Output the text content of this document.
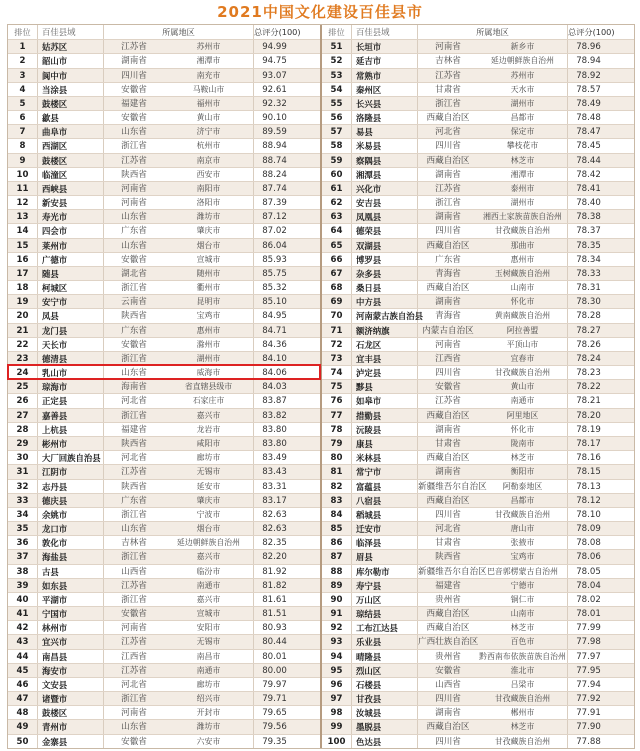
2021中国文化建设百佳县市
排位	百佳县域	所属地区	总评分(100)
1	姑苏区	江苏省	苏州市	94.99
2	韶山市	湖南省	湘潭市	94.75
3	阆中市	四川省	南充市	93.07
4	当涂县	安徽省	马鞍山市	92.61
5	鼓楼区	福建省	福州市	92.32
6	歙县	安徽省	黄山市	90.10
7	曲阜市	山东省	济宁市	89.59
8	西湖区	浙江省	杭州市	88.94
9	鼓楼区	江苏省	南京市	88.74
10	临潼区	陕西省	西安市	88.24
11	西峡县	河南省	南阳市	87.74
12	新安县	河南省	洛阳市	87.39
13	寿光市	山东省	潍坊市	87.12
14	四会市	广东省	肇庆市	87.02
15	莱州市	山东省	烟台市	86.04
16	广德市	安徽省	宣城市	85.93
17	随县	湖北省	随州市	85.75
18	柯城区	浙江省	衢州市	85.32
19	安宁市	云南省	昆明市	85.10
20	凤县	陕西省	宝鸡市	84.95
21	龙门县	广东省	惠州市	84.71
22	天长市	安徽省	滁州市	84.36
23	德清县	浙江省	湖州市	84.10
24	乳山市	山东省	威海市	84.06
25	琼海市	海南省	省直辖县级市	84.03
26	正定县	河北省	石家庄市	83.87
27	嘉善县	浙江省	嘉兴市	83.82
28	上杭县	福建省	龙岩市	83.80
29	彬州市	陕西省	咸阳市	83.80
30	大厂回族自治县	河北省	廊坊市	83.49
31	江阴市	江苏省	无锡市	83.43
32	志丹县	陕西省	延安市	83.31
33	德庆县	广东省	肇庆市	83.17
34	余姚市	浙江省	宁波市	82.63
35	龙口市	山东省	烟台市	82.63
36	敦化市	吉林省	延边朝鲜族自治州	82.35
37	海盐县	浙江省	嘉兴市	82.20
38	古县	山西省	临汾市	81.92
39	如东县	江苏省	南通市	81.82
40	平湖市	浙江省	嘉兴市	81.61
41	宁国市	安徽省	宣城市	81.51
42	林州市	河南省	安阳市	80.93
43	宜兴市	江苏省	无锡市	80.44
44	南昌县	江西省	南昌市	80.01
45	海安市	江苏省	南通市	80.00
46	文安县	河北省	廊坊市	79.97
47	诸暨市	浙江省	绍兴市	79.71
48	鼓楼区	河南省	开封市	79.65
49	青州市	山东省	潍坊市	79.56
50	金寨县	安徽省	六安市	79.35
排位	百佳县域	所属地区	总评分(100)
51	长垣市	河南省	新乡市	78.96
52	延吉市	吉林省	延边朝鲜族自治州	78.94
53	常熟市	江苏省	苏州市	78.92
54	秦州区	甘肃省	天水市	78.57
55	长兴县	浙江省	湖州市	78.49
56	洛隆县	西藏自治区	昌都市	78.48
57	易县	河北省	保定市	78.47
58	米易县	四川省	攀枝花市	78.45
59	察隅县	西藏自治区	林芝市	78.44
60	湘潭县	湖南省	湘潭市	78.42
61	兴化市	江苏省	泰州市	78.41
62	安吉县	浙江省	湖州市	78.40
63	凤凰县	湖南省	湘西土家族苗族自治州	78.38
64	德荣县	四川省	甘孜藏族自治州	78.37
65	双湖县	西藏自治区	那曲市	78.35
66	博罗县	广东省	惠州市	78.34
67	杂多县	青海省	玉树藏族自治州	78.33
68	桑日县	西藏自治区	山南市	78.31
69	中方县	湖南省	怀化市	78.30
70	河南蒙古族自治县	青海省	黄南藏族自治州	78.28
71	额济纳旗	内蒙古自治区	阿拉善盟	78.27
72	石龙区	河南省	平顶山市	78.26
73	宜丰县	江西省	宜春市	78.24
74	泸定县	四川省	甘孜藏族自治州	78.23
75	黟县	安徽省	黄山市	78.22
76	如皋市	江苏省	南通市	78.21
77	措勤县	西藏自治区	阿里地区	78.20
78	沅陵县	湖南省	怀化市	78.19
79	康县	甘肃省	陇南市	78.17
80	米林县	西藏自治区	林芝市	78.16
81	常宁市	湖南省	衡阳市	78.15
82	富蕴县	新疆维吾尔自治区	阿勒泰地区	78.13
83	八宿县	西藏自治区	昌都市	78.12
84	稻城县	四川省	甘孜藏族自治州	78.10
85	迁安市	河北省	唐山市	78.09
86	临泽县	甘肃省	张掖市	78.08
87	眉县	陕西省	宝鸡市	78.06
88	库尔勒市	新疆维吾尔自治区 巴音郭楞蒙古自治州	78.05
89	寿宁县	福建省	宁德市	78.04
90	万山区	贵州省	铜仁市	78.02
91	琼结县	西藏自治区	山南市	78.01
92	工布江达县	西藏自治区	林芝市	77.99
93	乐业县	广西壮族自治区	百色市	77.98
94	晴隆县	贵州省	黔西南布依族苗族自治州	77.97
95	烈山区	安徽省	淮北市	77.95
96	石楼县	山西省	吕梁市	77.94
97	甘孜县	四川省	甘孜藏族自治州	77.92
98	汝城县	湖南省	郴州市	77.91
99	墨脱县	西藏自治区	林芝市	77.90
100	色达县	四川省	甘孜藏族自治州	77.88
